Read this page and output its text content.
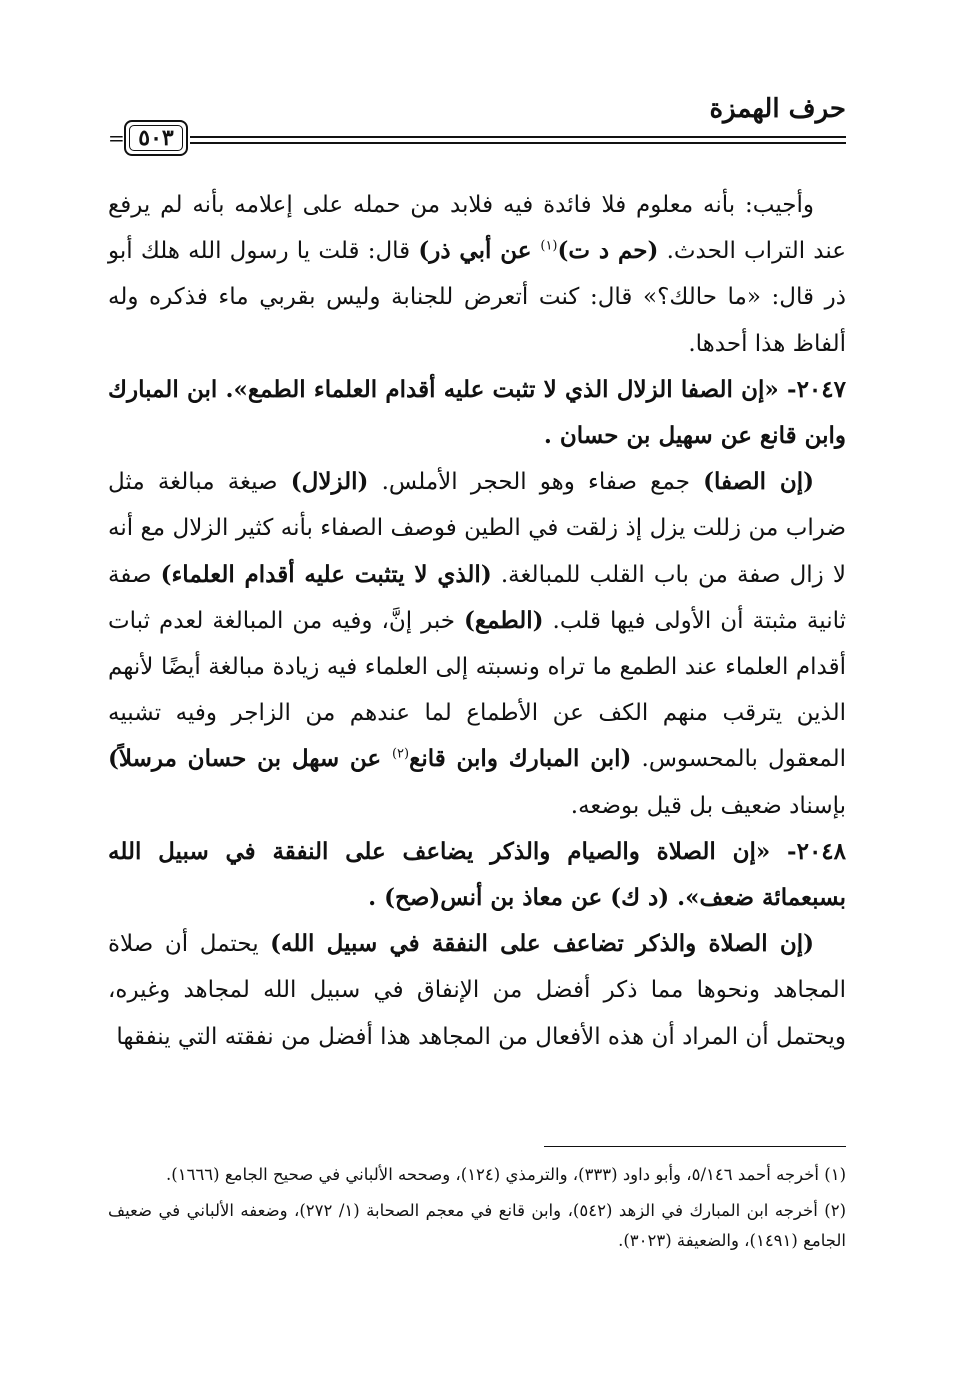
حرف الهمزة
٥٠٣
=

وأجيب: بأنه معلوم فلا فائدة فيه فلابد من حمله على إعلامه بأنه لم يرفع عند التراب الحدث. (حم د ت)$^{(١)}$ عن أبي ذر) قال: قلت يا رسول الله هلك أبو ذر قال: «ما حالك؟» قال: كنت أتعرض للجنابة وليس بقربي ماء فذكره وله ألفاظ هذا أحدها.

٢٠٤٧- «إن الصفا الزلال الذي لا تثبت عليه أقدام العلماء الطمع». ابن المبارك وابن قانع عن سهيل بن حسان .

(إن الصفا) جمع صفاء وهو الحجر الأملس. (الزلال) صيغة مبالغة مثل ضراب من زللت يزل إذ زلقت في الطين فوصف الصفاء بأنه كثير الزلال مع أنه لا زال صفة من باب القلب للمبالغة. (الذي لا يتثبت عليه أقدام العلماء) صفة ثانية مثبتة أن الأولى فيها قلب. (الطمع) خبر إنَّ، وفيه من المبالغة لعدم ثبات أقدام العلماء عند الطمع ما تراه ونسبته إلى العلماء فيه زيادة مبالغة أيضًا لأنهم الذين يترقب منهم الكف عن الأطماع لما عندهم من الزاجر وفيه تشبيه المعقول بالمحسوس. (ابن المبارك وابن قانع$^{(٢)}$ عن سهل بن حسان مرسلاً) بإسناد ضعيف بل قيل بوضعه.

٢٠٤٨- «إن الصلاة والصيام والذكر يضاعف على النفقة في سبيل الله بسبعمائة ضعف». (د ك) عن معاذ بن أنس(صح) .

(إن الصلاة والذكر تضاعف على النفقة في سبيل الله) يحتمل أن صلاة المجاهد ونحوها مما ذكر أفضل من الإنفاق في سبيل الله لمجاهد وغيره، ويحتمل أن المراد أن هذه الأفعال من المجاهد هذا أفضل من نفقته التي ينفقها

(١) أخرجه أحمد ٥/١٤٦، وأبو داود (٣٣٣)، والترمذي (١٢٤)، وصححه الألباني في صحيح الجامع (١٦٦٦).

(٢) أخرجه ابن المبارك في الزهد (٥٤٢)، وابن قانع في معجم الصحابة (١/ ٢٧٢)، وضعفه الألباني في ضعيف الجامع (١٤٩١)، والضعيفة (٣٠٢٣).
